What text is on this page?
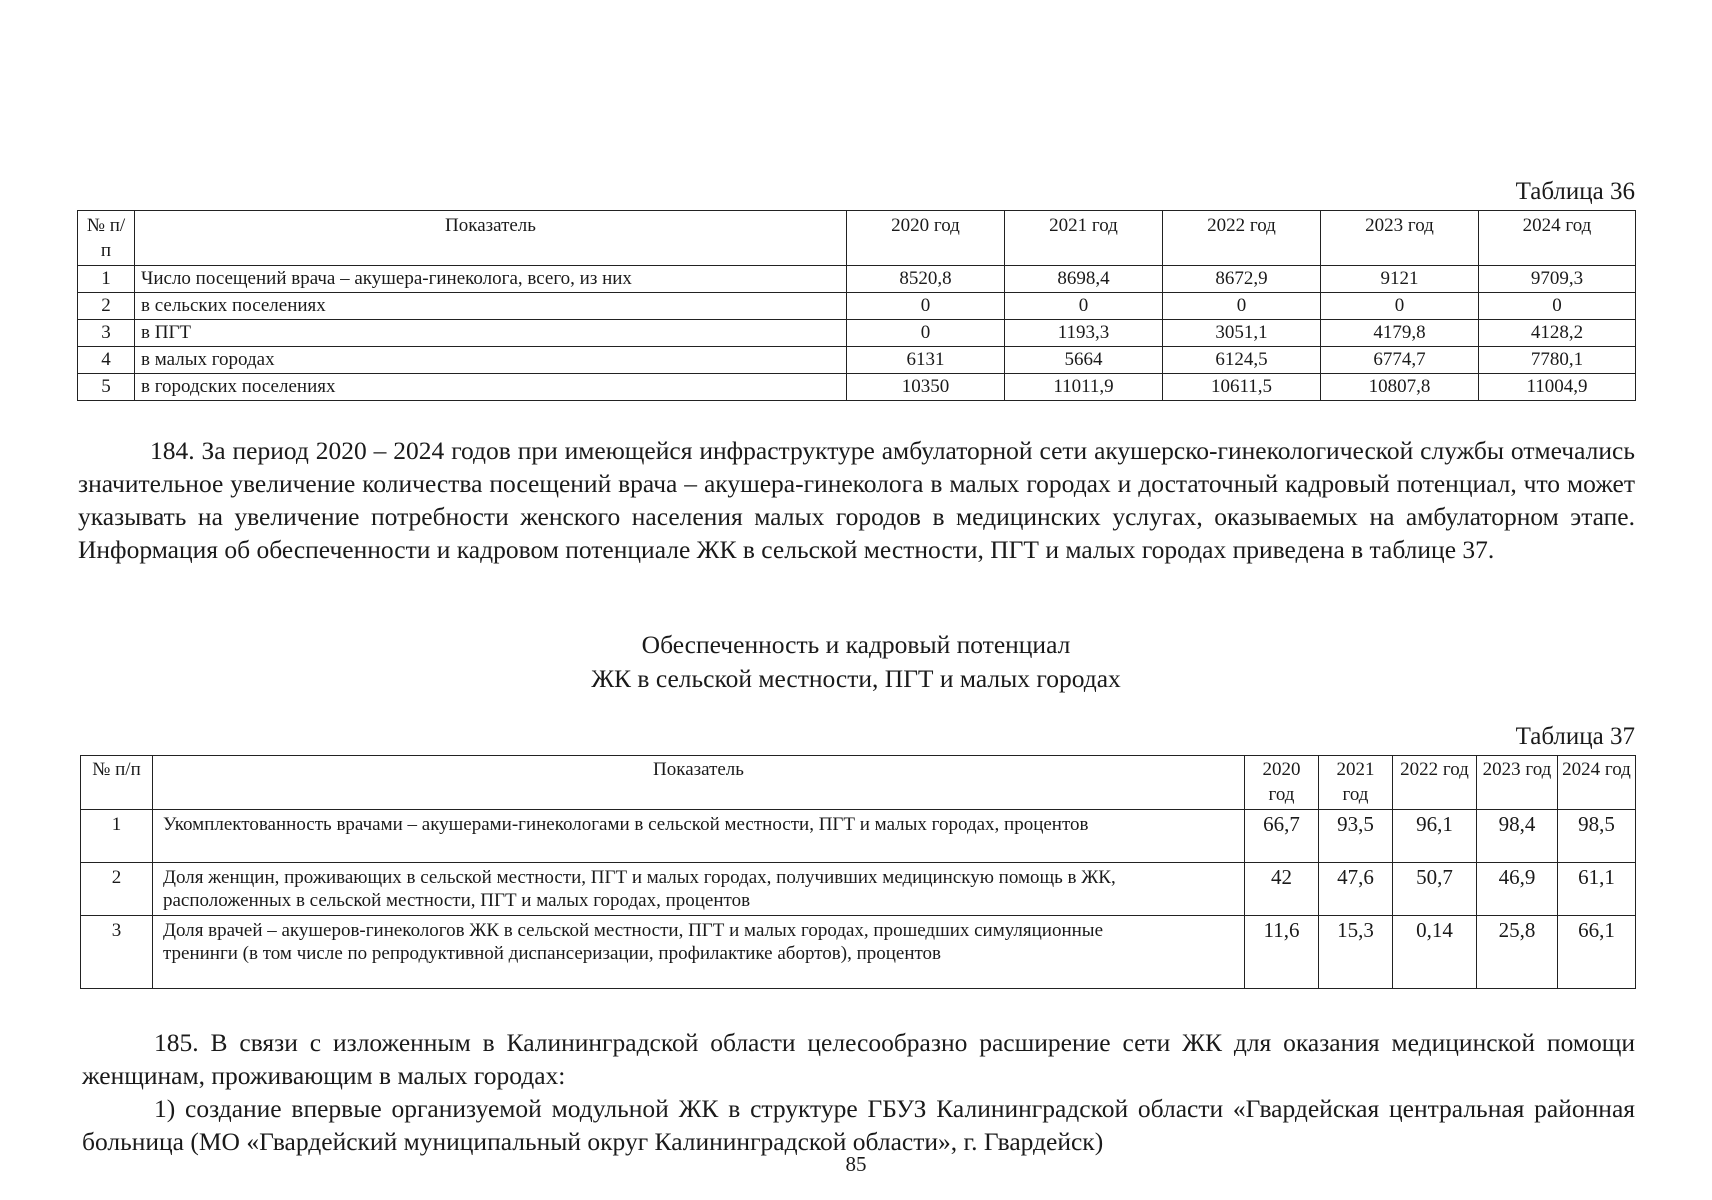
Таблица 36
№ п/п	Показатель	2020 год	2021 год	2022 год	2023 год	2024 год
1	Число посещений врача – акушера-гинеколога, всего, из них	8520,8	8698,4	8672,9	9121	9709,3
2	в сельских поселениях	0	0	0	0	0
3	в ПГТ	0	1193,3	3051,1	4179,8	4128,2
4	в малых городах	6131	5664	6124,5	6774,7	7780,1
5	в городских поселениях	10350	11011,9	10611,5	10807,8	11004,9
184. За период 2020 – 2024 годов при имеющейся инфраструктуре амбулаторной сети акушерско-гинекологической службы отмечались значительное увеличение количества посещений врача – акушера-гинеколога в малых городах и достаточный кадровый потенциал, что может указывать на увеличение потребности женского населения малых городов в медицинских услугах, оказываемых на амбулаторном этапе. Информация об обеспеченности и кадровом потенциале ЖК в сельской местности, ПГТ и малых городах приведена в таблице 37.
Обеспеченность и кадровый потенциал
ЖК в сельской местности, ПГТ и малых городах
Таблица 37
№ п/п	Показатель	2020 год	2021 год	2022 год	2023 год	2024 год
1	Укомплектованность врачами – акушерами-гинекологами в сельской местности, ПГТ и малых городах, процентов	66,7	93,5	96,1	98,4	98,5
2	Доля женщин, проживающих в сельской местности, ПГТ и малых городах, получивших медицинскую помощь в ЖК, расположенных в сельской местности, ПГТ и малых городах, процентов	42	47,6	50,7	46,9	61,1
3	Доля врачей – акушеров-гинекологов ЖК в сельской местности, ПГТ и малых городах, прошедших симуляционные тренинги (в том числе по репродуктивной диспансеризации, профилактике абортов), процентов	11,6	15,3	0,14	25,8	66,1
185. В связи с изложенным в Калининградской области целесообразно расширение сети ЖК для оказания медицинской помощи женщинам, проживающим в малых городах:
1) создание впервые организуемой модульной ЖК в структуре ГБУЗ Калининградской области «Гвардейская центральная районная больница (МО «Гвардейский муниципальный округ Калининградской области», г. Гвардейск)
85
